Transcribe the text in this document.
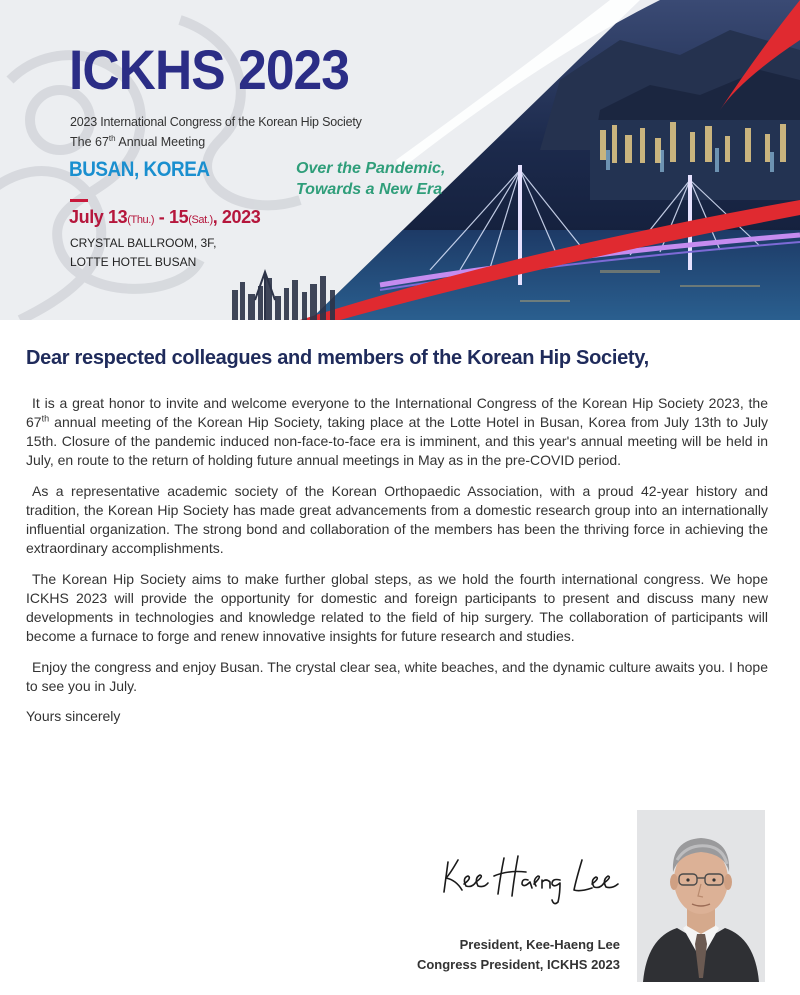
ICKHS 2023
2023 International Congress of the Korean Hip Society
The 67th Annual Meeting
BUSAN, KOREA	Over the Pandemic,
Towards a New Era
July 13(Thu.) - 15(Sat.), 2023
CRYSTAL BALLROOM, 3F,
LOTTE HOTEL BUSAN
Dear respected colleagues and members of the Korean Hip Society,

It is a great honor to invite and welcome everyone to the International Congress of the Korean Hip Society 2023, the 67th annual meeting of the Korean Hip Society, taking place at the Lotte Hotel in Busan, Korea from July 13th to July 15th. Closure of the pandemic induced non-face-to-face era is imminent, and this year's annual meeting will be held in July, en route to the return of holding future annual meetings in May as in the pre-COVID period.

As a representative academic society of the Korean Orthopaedic Association, with a proud 42-year history and tradition, the Korean Hip Society has made great advancements from a domestic research group into an internationally influential organization. The strong bond and collaboration of the members has been the thriving force in achieving the extraordinary accomplishments.

The Korean Hip Society aims to make further global steps, as we hold the fourth international congress. We hope ICKHS 2023 will provide the opportunity for domestic and foreign participants to present and discuss many new developments in technologies and knowledge related to the field of hip surgery. The collaboration of participants will become a furnace to forge and renew innovative insights for future research and studies.

Enjoy the congress and enjoy Busan. The crystal clear sea, white beaches, and the dynamic culture awaits you. I hope to see you in July.

Yours sincerely

President, Kee-Haeng Lee
Congress President, ICKHS 2023
